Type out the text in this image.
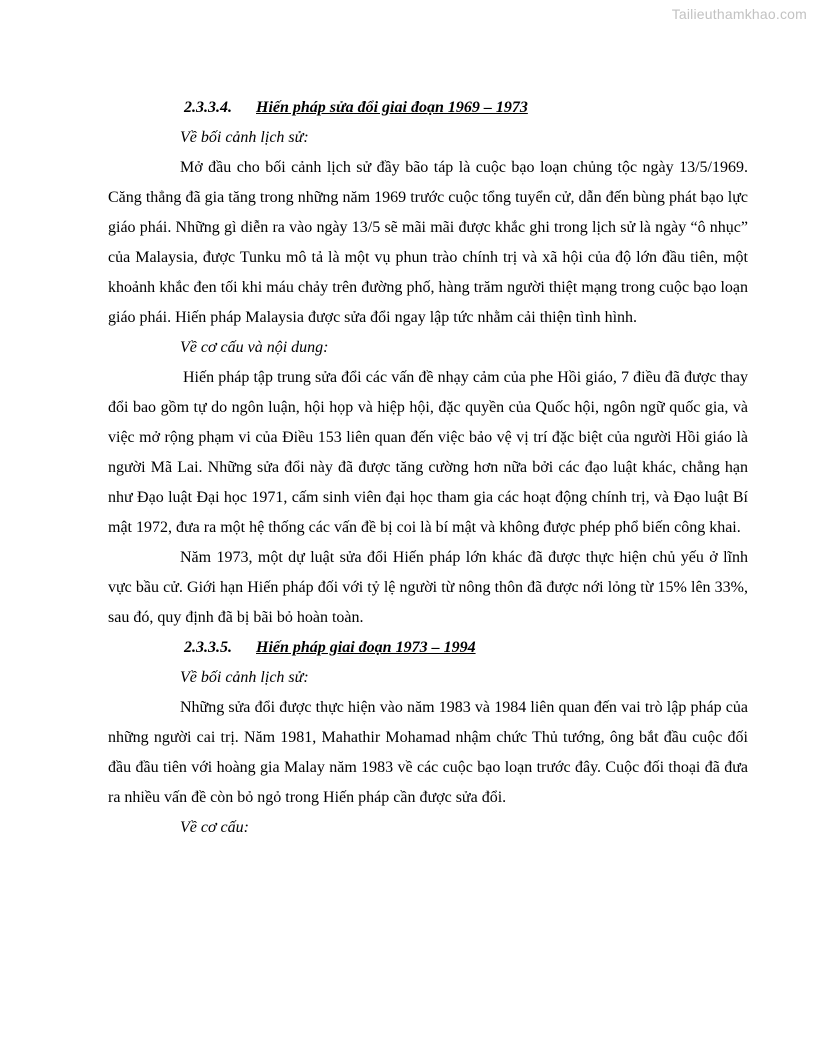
Tailieuthamkhao.com
2.3.3.4. Hiến pháp sửa đổi giai đoạn 1969 – 1973
Về bối cảnh lịch sử:

Mở đầu cho bối cảnh lịch sử đầy bão táp là cuộc bạo loạn chủng tộc ngày 13/5/1969. Căng thẳng đã gia tăng trong những năm 1969 trước cuộc tổng tuyển cử, dẫn đến bùng phát bạo lực giáo phái. Những gì diễn ra vào ngày 13/5 sẽ mãi mãi được khắc ghi trong lịch sử là ngày “ô nhục” của Malaysia, được Tunku mô tả là một vụ phun trào chính trị và xã hội của độ lớn đầu tiên, một khoảnh khắc đen tối khi máu chảy trên đường phố, hàng trăm người thiệt mạng trong cuộc bạo loạn giáo phái. Hiến pháp Malaysia được sửa đổi ngay lập tức nhằm cải thiện tình hình.

Về cơ cấu và nội dung:

Hiến pháp tập trung sửa đổi các vấn đề nhạy cảm của phe Hồi giáo, 7 điều đã được thay đổi bao gồm tự do ngôn luận, hội họp và hiệp hội, đặc quyền của Quốc hội, ngôn ngữ quốc gia, và việc mở rộng phạm vi của Điều 153 liên quan đến việc bảo vệ vị trí đặc biệt của người Hồi giáo là người Mã Lai. Những sửa đổi này đã được tăng cường hơn nữa bởi các đạo luật khác, chẳng hạn như Đạo luật Đại học 1971, cấm sinh viên đại học tham gia các hoạt động chính trị, và Đạo luật Bí mật 1972, đưa ra một hệ thống các vấn đề bị coi là bí mật và không được phép phổ biến công khai.

Năm 1973, một dự luật sửa đổi Hiến pháp lớn khác đã được thực hiện chủ yếu ở lĩnh vực bầu cử. Giới hạn Hiến pháp đối với tỷ lệ người từ nông thôn đã được nới lỏng từ 15% lên 33%, sau đó, quy định đã bị bãi bỏ hoàn toàn.

2.3.3.5. Hiến pháp giai đoạn 1973 – 1994
Về bối cảnh lịch sử:

Những sửa đổi được thực hiện vào năm 1983 và 1984 liên quan đến vai trò lập pháp của những người cai trị. Năm 1981, Mahathir Mohamad nhậm chức Thủ tướng, ông bắt đầu cuộc đối đầu đầu tiên với hoàng gia Malay năm 1983 về các cuộc bạo loạn trước đây. Cuộc đối thoại đã đưa ra nhiều vấn đề còn bỏ ngỏ trong Hiến pháp cần được sửa đổi.

Về cơ cấu:
